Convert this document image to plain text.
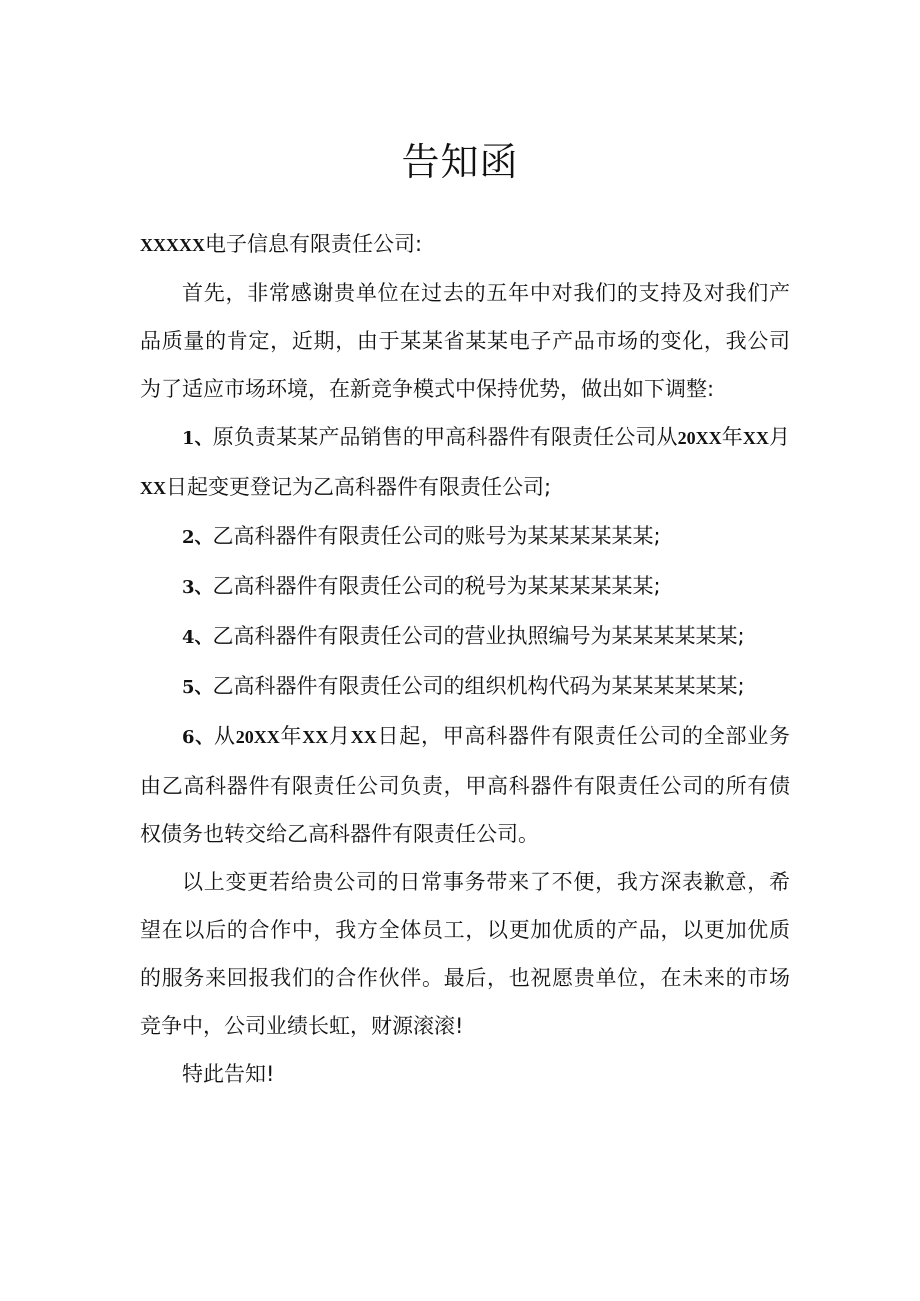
告知函

XXXXX电子信息有限责任公司:

首先，非常感谢贵单位在过去的五年中对我们的支持及对我们产品质量的肯定，近期，由于某某省某某电子产品市场的变化，我公司为了适应市场环境，在新竞争模式中保持优势，做出如下调整:

1、原负责某某产品销售的甲高科器件有限责任公司从20XX年XX月XX日起变更登记为乙高科器件有限责任公司;

2、乙高科器件有限责任公司的账号为某某某某某某;

3、乙高科器件有限责任公司的税号为某某某某某某;

4、乙高科器件有限责任公司的营业执照编号为某某某某某某;

5、乙高科器件有限责任公司的组织机构代码为某某某某某某;

6、从20XX年XX月XX日起，甲高科器件有限责任公司的全部业务由乙高科器件有限责任公司负责，甲高科器件有限责任公司的所有债权债务也转交给乙高科器件有限责任公司。

以上变更若给贵公司的日常事务带来了不便，我方深表歉意，希望在以后的合作中，我方全体员工，以更加优质的产品，以更加优质的服务来回报我们的合作伙伴。最后，也祝愿贵单位，在未来的市场竞争中，公司业绩长虹，财源滚滚!

特此告知!
